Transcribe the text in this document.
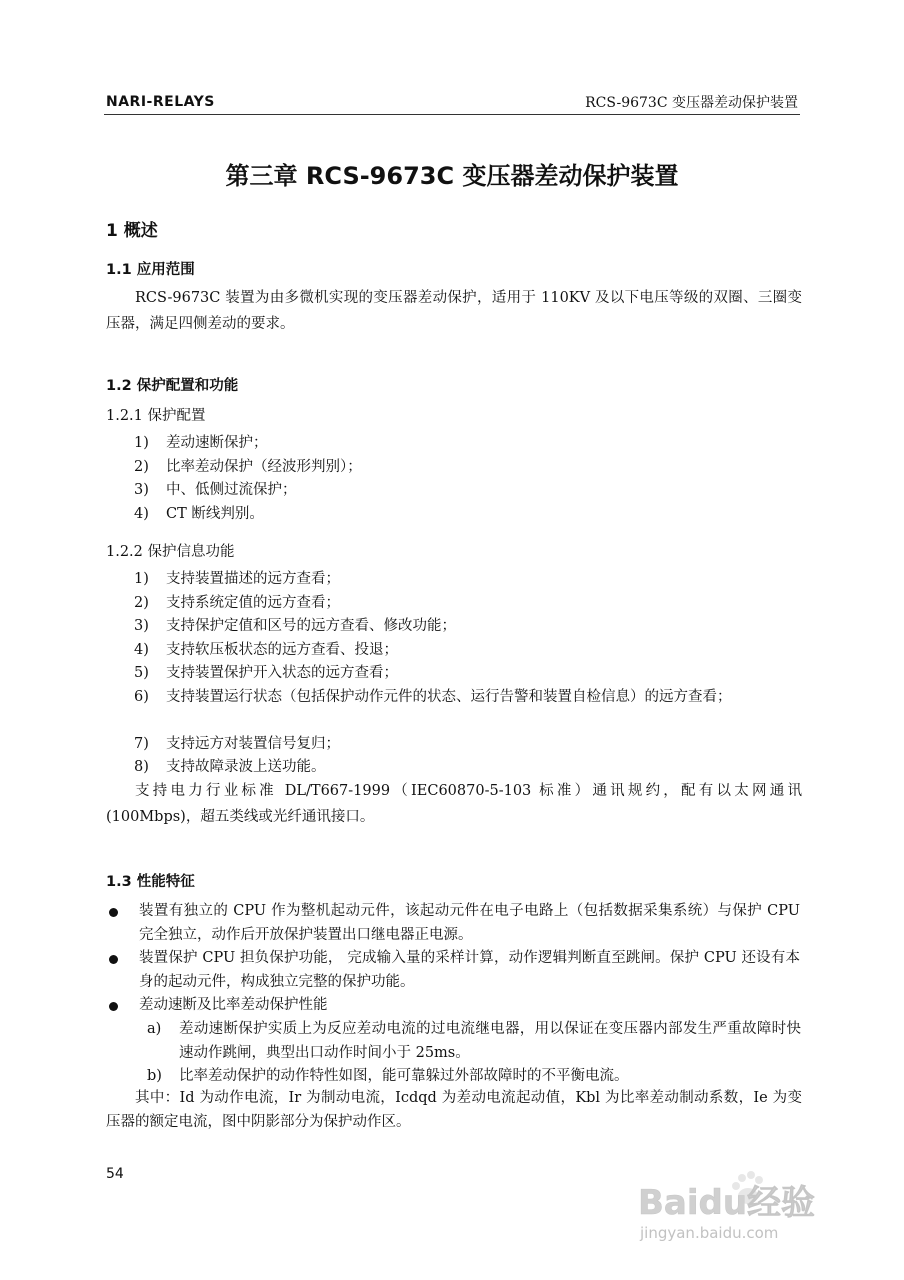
NARI-RELAYS	RCS-9673C 变压器差动保护装置
第三章 RCS-9673C 变压器差动保护装置
1 概述
1.1 应用范围
RCS-9673C 装置为由多微机实现的变压器差动保护，适用于 110KV 及以下电压等级的双圈、三圈变压器，满足四侧差动的要求。
1.2 保护配置和功能
1.2.1 保护配置
1) 差动速断保护；
2) 比率差动保护（经波形判别）；
3) 中、低侧过流保护；
4) CT 断线判别。
1.2.2 保护信息功能
1) 支持装置描述的远方查看；
2) 支持系统定值的远方查看；
3) 支持保护定值和区号的远方查看、修改功能；
4) 支持软压板状态的远方查看、投退；
5) 支持装置保护开入状态的远方查看；
6) 支持装置运行状态（包括保护动作元件的状态、运行告警和装置自检信息）的远方查看；
7) 支持远方对装置信号复归；
8) 支持故障录波上送功能。
支持电力行业标准 DL/T667-1999（IEC60870-5-103 标准）通讯规约，配有以太网通讯(100Mbps)，超五类线或光纤通讯接口。
1.3 性能特征
装置有独立的 CPU 作为整机起动元件，该起动元件在电子电路上（包括数据采集系统）与保护 CPU 完全独立，动作后开放保护装置出口继电器正电源。
装置保护 CPU 担负保护功能， 完成输入量的采样计算，动作逻辑判断直至跳闸。保护 CPU 还设有本身的起动元件，构成独立完整的保护功能。
差动速断及比率差动保护性能
a) 差动速断保护实质上为反应差动电流的过电流继电器，用以保证在变压器内部发生严重故障时快速动作跳闸，典型出口动作时间小于 25ms。
b) 比率差动保护的动作特性如图，能可靠躲过外部故障时的不平衡电流。
其中：Id 为动作电流，Ir 为制动电流，Icdqd 为差动电流起动值，Kbl 为比率差动制动系数，Ie 为变压器的额定电流，图中阴影部分为保护动作区。
54
Baidu经验
jingyan.baidu.com
